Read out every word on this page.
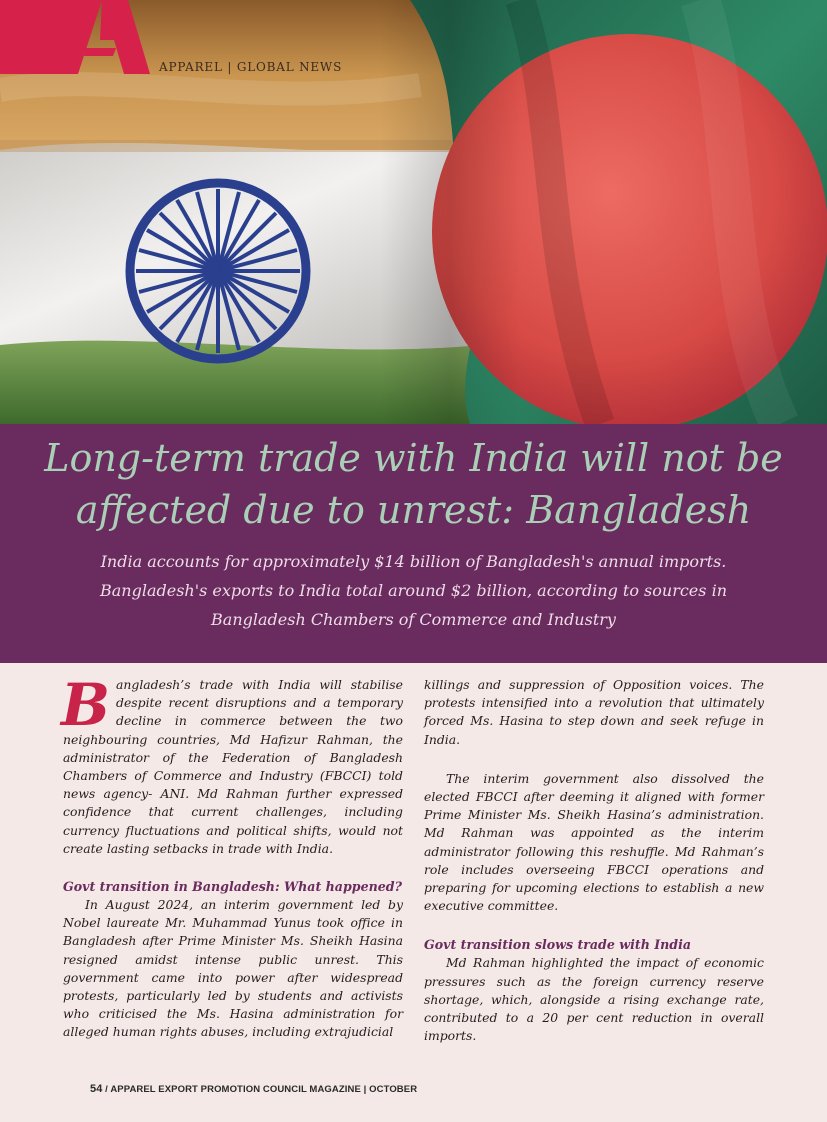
APPAREL | GLOBAL NEWS
Long-term trade with India will not be affected due to unrest: Bangladesh

India accounts for approximately $14 billion of Bangladesh's annual imports. Bangladesh's exports to India total around $2 billion, according to sources in Bangladesh Chambers of Commerce and Industry

Bangladesh’s trade with India will stabilise despite recent disruptions and a temporary decline in commerce between the two neighbouring countries, Md Hafizur Rahman, the administrator of the Federation of Bangladesh Chambers of Commerce and Industry (FBCCI) told news agency- ANI. Md Rahman further expressed confidence that current challenges, including currency fluctuations and political shifts, would not create lasting setbacks in trade with India.

Govt transition in Bangladesh: What happened?

In August 2024, an interim government led by Nobel laureate Mr. Muhammad Yunus took office in Bangladesh after Prime Minister Ms. Sheikh Hasina resigned amidst intense public unrest. This government came into power after widespread protests, particularly led by students and activists who criticised the Ms. Hasina administration for alleged human rights abuses, including extrajudicial

killings and suppression of Opposition voices. The protests intensified into a revolution that ultimately forced Ms. Hasina to step down and seek refuge in India.

The interim government also dissolved the elected FBCCI after deeming it aligned with former Prime Minister Ms. Sheikh Hasina’s administration. Md Rahman was appointed as the interim administrator following this reshuffle. Md Rahman’s role includes overseeing FBCCI operations and preparing for upcoming elections to establish a new executive committee.

Govt transition slows trade with India

Md Rahman highlighted the impact of economic pressures such as the foreign currency reserve shortage, which, alongside a rising exchange rate, contributed to a 20 per cent reduction in overall imports.

54 / APPAREL EXPORT PROMOTION COUNCIL MAGAZINE | OCTOBER
